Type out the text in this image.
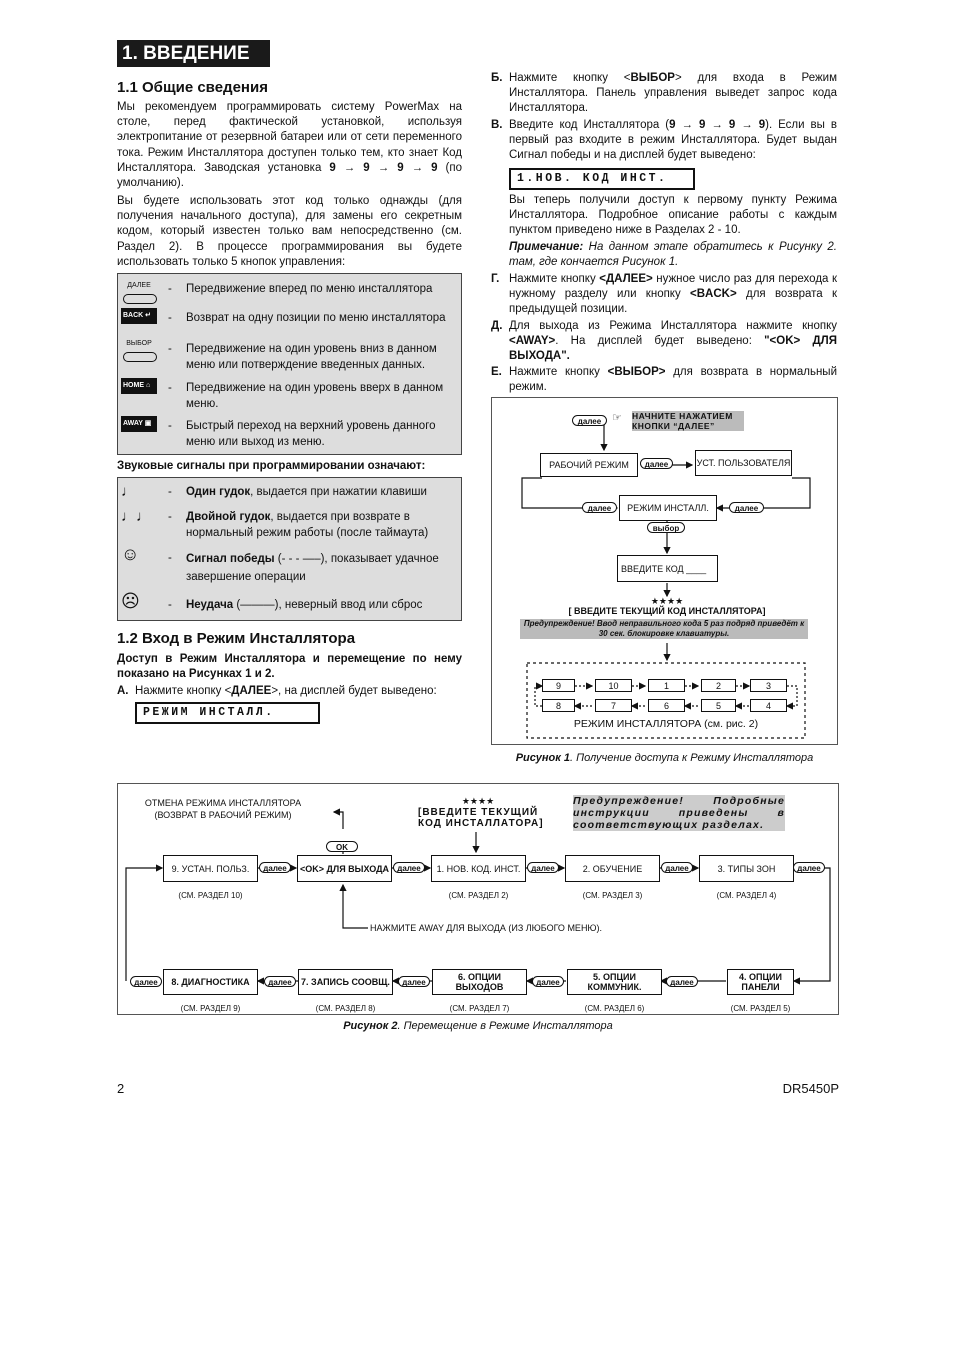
1. ВВЕДЕНИЕ
1.1 Общие сведения

Мы рекомендуем программировать систему PowerMax на столе, перед фактической установкой, используя электропитание от резервной батареи или от сети переменного тока. Режим Инсталлятора доступен только тем, кто знает Код Инсталлятора. Заводская установка 9 → 9 → 9 → 9 (по умолчанию).

Вы будете использовать этот код только однажды (для получения начального доступа), для замены его секретным кодом, который известен только вам непосредственно (см. Раздел 2). В процессе программирования вы будете использовать только 5 кнопок управления:

ДАЛЕЕ	- Передвижение вперед по меню инсталлятора
BACK ↵	- Возврат на одну позиции по меню инсталлятора
ВЫБОР	- Передвижение на один уровень вниз в данном меню или потверждение введенных данных.
HOME ⌂	- Передвижение на один уровень вверх в данном меню.
AWAY ▣	- Быстрый переход на верхний уровень данного меню или выход из меню.
Звуковые сигналы при программировании означают:
♩	- Один гудок, выдается при нажатии клавиши
♩♩	- Двойной гудок, выдается при возврате в нормальный режим работы (после таймаута)
☺	- Сигнал победы (- - - —–), показывает удачное завершение операции
☹	- Неудача (———), неверный ввод или сброс
1.2 Вход в Режим Инсталлятора

Доступ в Режим Инсталлятора и перемещение по нему показано на Рисунках 1 и 2.

A. Нажмите кнопку <ДАЛЕЕ>, на дисплей будет выведено:
РЕЖИМ ИНСТАЛЛ.
Б. Нажмите кнопку <ВЫБОР> для входа в Режим Инсталлятора. Панель управления выведет запрос кода Инсталлятора.
В. Введите код Инсталлятора (9 → 9 → 9 → 9). Если вы в первый раз входите в режим Инсталлятора. Будет выдан Сигнал победы и на дисплей будет выведено:
1.НОВ. КОД ИНСТ.

Вы теперь получили доступ к первому пункту Режима Инсталлятора. Подробное описание работы с каждым пунктом приведено ниже в Разделах 2 - 10.

Примечание: На данном этапе обратитесь к Рисунку 2. там, где кончается Рисунок 1.

Г. Нажмите кнопку <ДАЛЕЕ> нужное число раз для перехода к нужному разделу или кнопку <BACK> для возврата к предыдущей позиции.
Д. Для выхода из Режима Инсталлятора нажмите кнопку <AWAY>. На дисплей будет выведено: "<OK> ДЛЯ ВЫХОДА".
Е. Нажмите кнопку <ВЫБОР> для возврата в нормальный режим.
далее ☞ НАЧНИТЕ НАЖАТИЕМ КНОПКИ “ДАЛЕЕ”
РАБОЧИЙ РЕЖИМ	далее	УСТ. ПОЛЬЗОВАТЕЛЯ
далее	РЕЖИМ ИНСТАЛЛ.	далее
выбор
ВВЕДИТЕ КОД ____
★★★★
[ ВВЕДИТЕ ТЕКУЩИЙ КОД ИНСТАЛЛЯТОРА]
Предупреждение! Ввод неправильного кода 5 раз подряд приведёт к 30 сек. блокировке клавиатуры.
9	10	1	2	3
8	7	6	5	4
РЕЖИМ ИНСТАЛЛЯТОРА (см. рис. 2)
Рисунок 1. Получение доступа к Режиму Инсталлятора
ОТМЕНА РЕЖИМА ИНСТАЛЛЯТОРА
(ВОЗВРАТ В РАБОЧИЙ РЕЖИМ)
OK
★★★★
[ВВЕДИТЕ ТЕКУЩИЙ КОД ИНСТАЛЛАТОРА]
Предупреждение! Подробные инструкции приведены в соответствующих разделах.
9. УСТАН. ПОЛЬЗ.
(СМ. РАЗДЕЛ 10)
далее	<OK> ДЛЯ ВЫХОДА	далее	1. НОВ. КОД. ИНСТ.
(СМ. РАЗДЕЛ 2)
далее	2. ОБУЧЕНИЕ
(СМ. РАЗДЕЛ 3)
далее	3. ТИПЫ ЗОН
(СМ. РАЗДЕЛ 4)
далее
НАЖМИТЕ AWAY ДЛЯ ВЫХОДА (ИЗ ЛЮБОГО МЕНЮ).
далее	8. ДИАГНОСТИКА
(СМ. РАЗДЕЛ 9)
далее	7. ЗАПИСЬ СООВЩ.
(СМ. РАЗДЕЛ 8)
далее
6. ОПЦИИ ВЫХОДОВ
(СМ. РАЗДЕЛ 7)
далее
5. ОПЦИИ КОММУНИК.
(СМ. РАЗДЕЛ 6)
далее
4. ОПЦИИ ПАНЕЛИ
(СМ. РАЗДЕЛ 5)
Рисунок 2. Перемещение в Режиме Инсталлятора
2	DR5450P
